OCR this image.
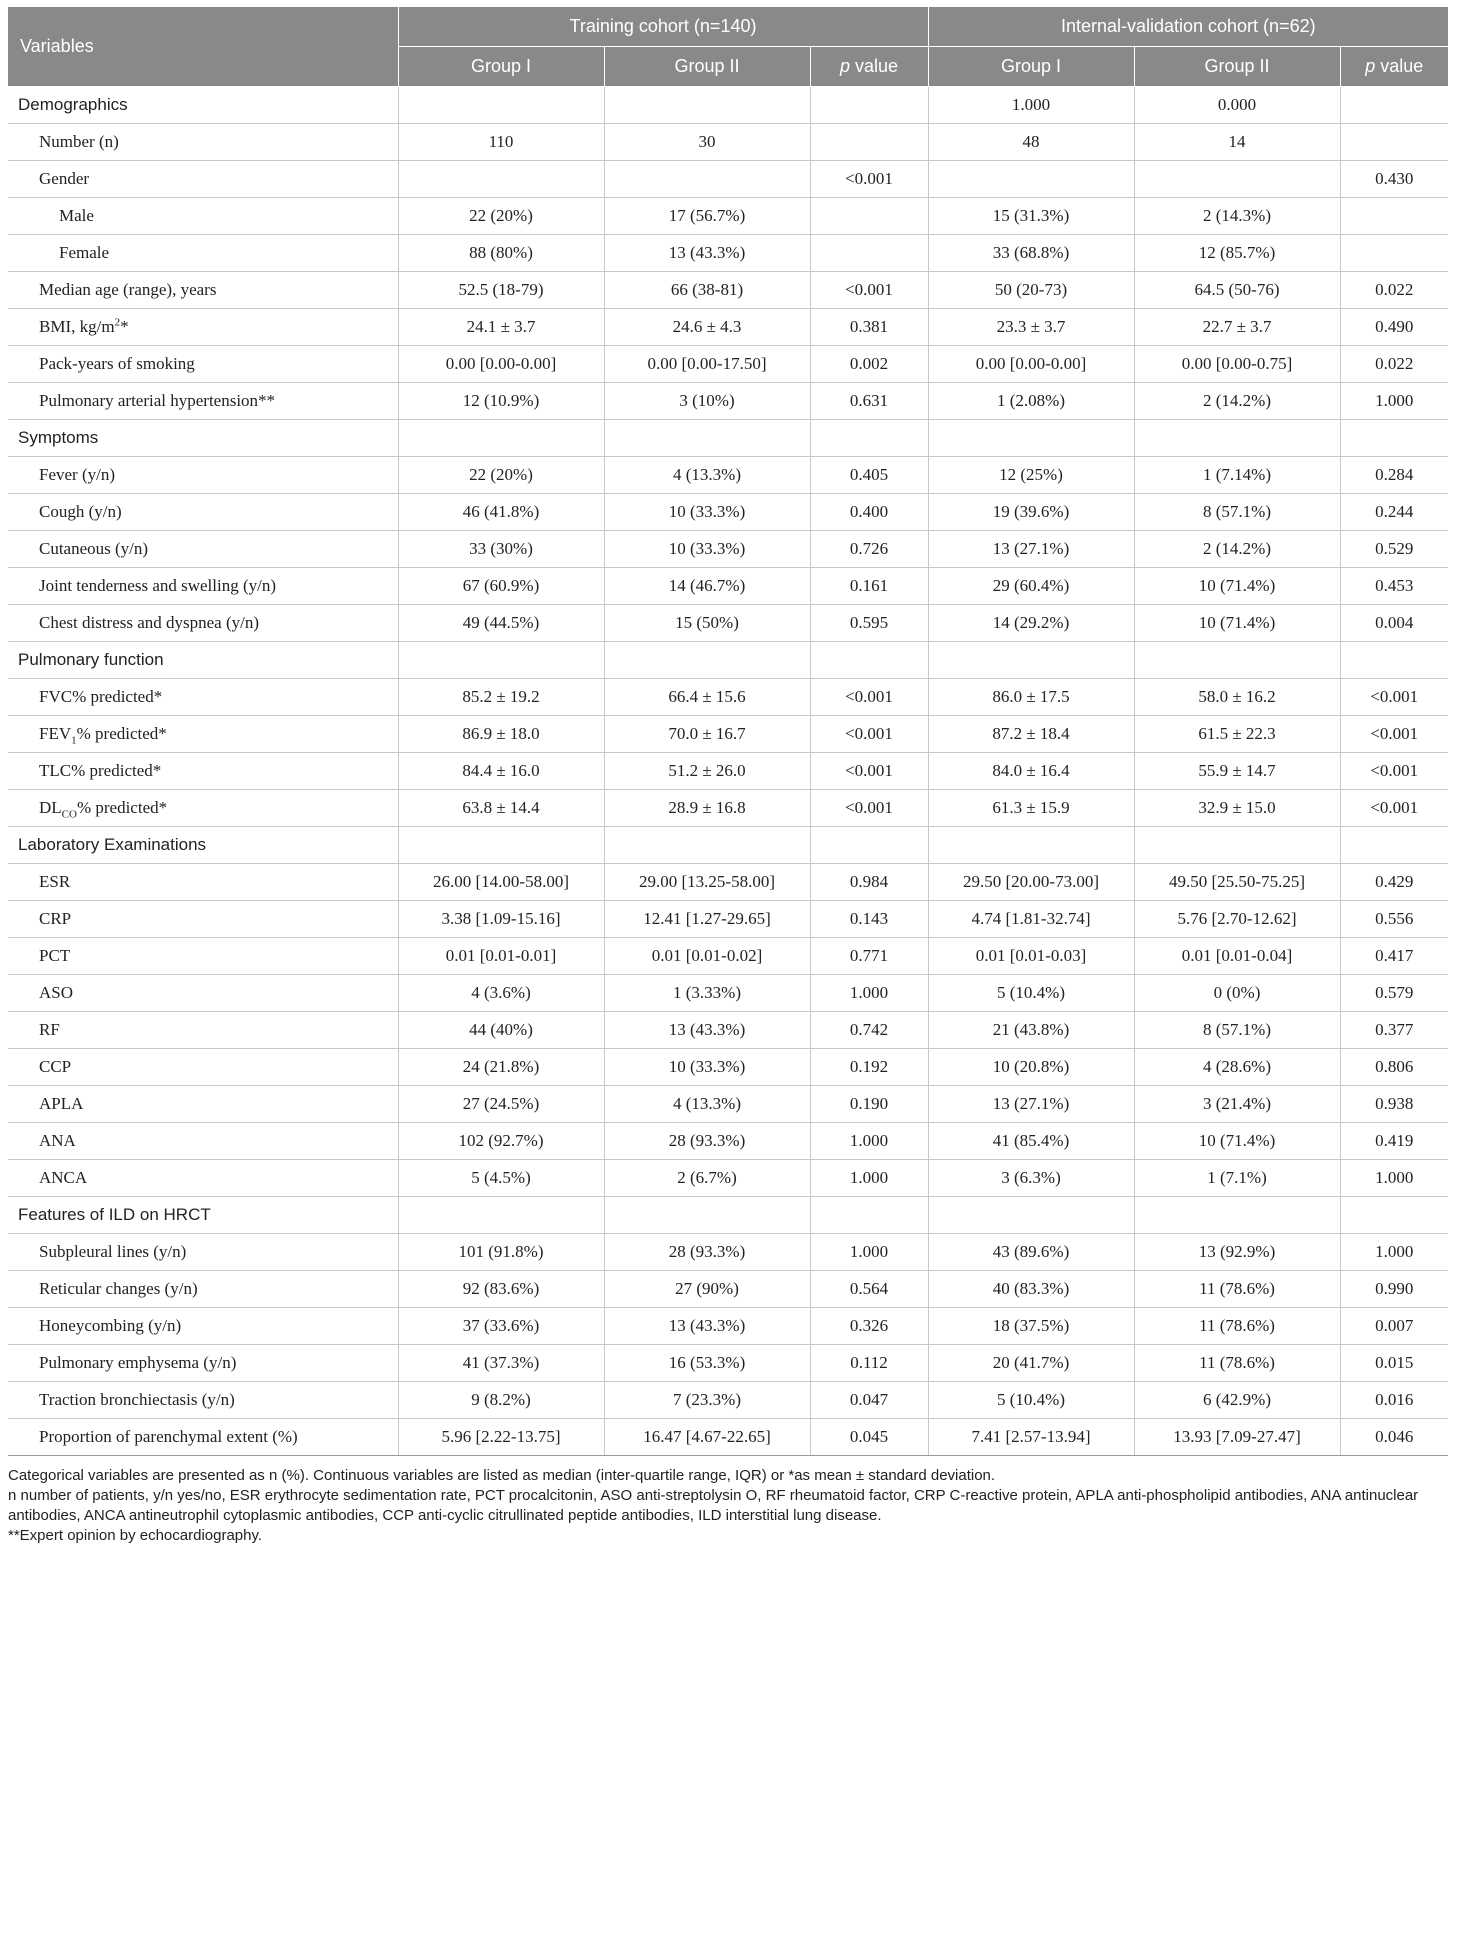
Variables	Training cohort (n=140)			Internal-validation cohort (n=62)		
	Group I	Group II	p value	Group I	Group II	p value
Demographics				1.000	0.000	
Number (n)	110	30		48	14	
Gender			<0.001			0.430
Male	22 (20%)	17 (56.7%)		15 (31.3%)	2 (14.3%)	
Female	88 (80%)	13 (43.3%)		33 (68.8%)	12 (85.7%)	
Median age (range), years	52.5 (18-79)	66 (38-81)	<0.001	50 (20-73)	64.5 (50-76)	0.022
BMI, $kg/m^2*$	24.1 ± 3.7	24.6 ± 4.3	0.381	23.3 ± 3.7	22.7 ± 3.7	0.490
Pack-years of smoking	0.00 [0.00-0.00]	0.00 [0.00-17.50]	0.002	0.00 [0.00-0.00]	0.00 [0.00-0.75]	0.022
Pulmonary arterial hypertension**	12 (10.9%)	3 (10%)	0.631	1 (2.08%)	2 (14.2%)	1.000
Symptoms						
Fever (y/n)	22 (20%)	4 (13.3%)	0.405	12 (25%)	1 (7.14%)	0.284
Cough (y/n)	46 (41.8%)	10 (33.3%)	0.400	19 (39.6%)	8 (57.1%)	0.244
Cutaneous (y/n)	33 (30%)	10 (33.3%)	0.726	13 (27.1%)	2 (14.2%)	0.529
Joint tenderness and swelling (y/n)	67 (60.9%)	14 (46.7%)	0.161	29 (60.4%)	10 (71.4%)	0.453
Chest distress and dyspnea (y/n)	49 (44.5%)	15 (50%)	0.595	14 (29.2%)	10 (71.4%)	0.004
Pulmonary function						
FVC% predicted*	85.2 ± 19.2	66.4 ± 15.6	<0.001	86.0 ± 17.5	58.0 ± 16.2	<0.001
$FEV_1\%$ predicted*	86.9 ± 18.0	70.0 ± 16.7	<0.001	87.2 ± 18.4	61.5 ± 22.3	<0.001
TLC% predicted*	84.4 ± 16.0	51.2 ± 26.0	<0.001	84.0 ± 16.4	55.9 ± 14.7	<0.001
$DL_{CO}\%$ predicted*	63.8 ± 14.4	28.9 ± 16.8	<0.001	61.3 ± 15.9	32.9 ± 15.0	<0.001
Laboratory Examinations						
ESR	26.00 [14.00-58.00]	29.00 [13.25-58.00]	0.984	29.50 [20.00-73.00]	49.50 [25.50-75.25]	0.429
CRP	3.38 [1.09-15.16]	12.41 [1.27-29.65]	0.143	4.74 [1.81-32.74]	5.76 [2.70-12.62]	0.556
PCT	0.01 [0.01-0.01]	0.01 [0.01-0.02]	0.771	0.01 [0.01-0.03]	0.01 [0.01-0.04]	0.417
ASO	4 (3.6%)	1 (3.33%)	1.000	5 (10.4%)	0 (0%)	0.579
RF	44 (40%)	13 (43.3%)	0.742	21 (43.8%)	8 (57.1%)	0.377
CCP	24 (21.8%)	10 (33.3%)	0.192	10 (20.8%)	4 (28.6%)	0.806
APLA	27 (24.5%)	4 (13.3%)	0.190	13 (27.1%)	3 (21.4%)	0.938
ANA	102 (92.7%)	28 (93.3%)	1.000	41 (85.4%)	10 (71.4%)	0.419
ANCA	5 (4.5%)	2 (6.7%)	1.000	3 (6.3%)	1 (7.1%)	1.000
Features of ILD on HRCT						
Subpleural lines (y/n)	101 (91.8%)	28 (93.3%)	1.000	43 (89.6%)	13 (92.9%)	1.000
Reticular changes (y/n)	92 (83.6%)	27 (90%)	0.564	40 (83.3%)	11 (78.6%)	0.990
Honeycombing (y/n)	37 (33.6%)	13 (43.3%)	0.326	18 (37.5%)	11 (78.6%)	0.007
Pulmonary emphysema (y/n)	41 (37.3%)	16 (53.3%)	0.112	20 (41.7%)	11 (78.6%)	0.015
Traction bronchiectasis (y/n)	9 (8.2%)	7 (23.3%)	0.047	5 (10.4%)	6 (42.9%)	0.016
Proportion of parenchymal extent (%)	5.96 [2.22-13.75]	16.47 [4.67-22.65]	0.045	7.41 [2.57-13.94]	13.93 [7.09-27.47]	0.046

Categorical variables are presented as n (%). Continuous variables are listed as median (inter-quartile range, IQR) or *as mean ± standard deviation.

n number of patients, y/n yes/no, ESR erythrocyte sedimentation rate, PCT procalcitonin, ASO anti-streptolysin O, RF rheumatoid factor, CRP C-reactive protein, APLA anti-phospholipid antibodies, ANA antinuclear antibodies, ANCA antineutrophil cytoplasmic antibodies, CCP anti-cyclic citrullinated peptide antibodies, ILD interstitial lung disease.

**Expert opinion by echocardiography.
